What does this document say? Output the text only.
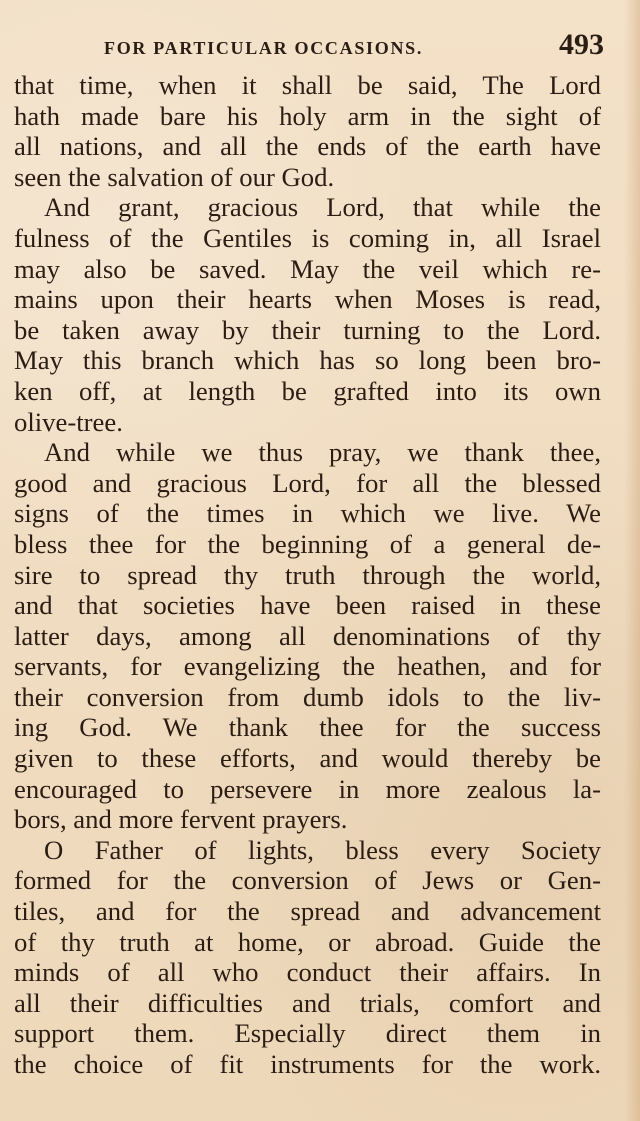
FOR PARTICULAR OCCASIONS.	493
that time, when it shall be said, The Lord
hath made bare his holy arm in the sight of
all nations, and all the ends of the earth have
seen the salvation of our God.
And grant, gracious Lord, that while the
fulness of the Gentiles is coming in, all Israel
may also be saved. May the veil which re-
mains upon their hearts when Moses is read,
be taken away by their turning to the Lord.
May this branch which has so long been bro-
ken off, at length be grafted into its own
olive-tree.
And while we thus pray, we thank thee,
good and gracious Lord, for all the blessed
signs of the times in which we live. We
bless thee for the beginning of a general de-
sire to spread thy truth through the world,
and that societies have been raised in these
latter days, among all denominations of thy
servants, for evangelizing the heathen, and for
their conversion from dumb idols to the liv-
ing God. We thank thee for the success
given to these efforts, and would thereby be
encouraged to persevere in more zealous la-
bors, and more fervent prayers.
O Father of lights, bless every Society
formed for the conversion of Jews or Gen-
tiles, and for the spread and advancement
of thy truth at home, or abroad. Guide the
minds of all who conduct their affairs. In
all their difficulties and trials, comfort and
support them. Especially direct them in
the choice of fit instruments for the work.
